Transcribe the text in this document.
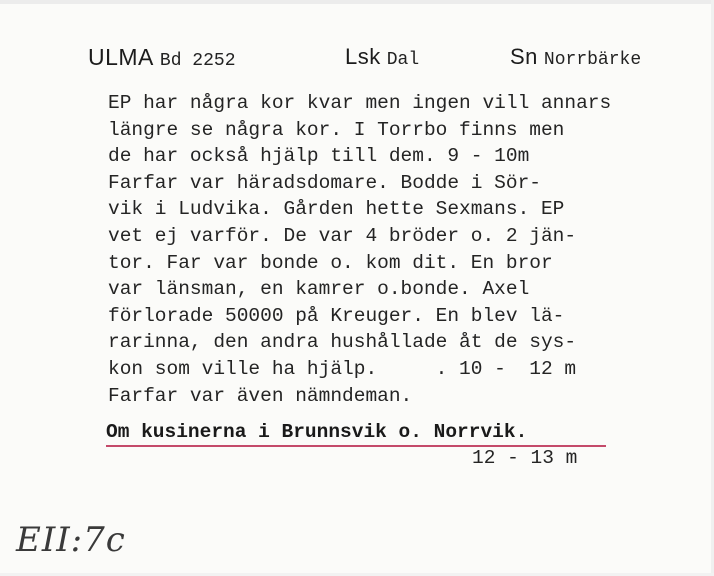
ULMA Bd 2252	Lsk Dal	Sn Norrbärke
EP har några kor kvar men ingen vill annars
längre se några kor. I Torrbo finns men
de har också hjälp till dem. 9 - 10m
Farfar var häradsdomare. Bodde i Sör-
vik i Ludvika. Gården hette Sexmans. EP
vet ej varför. De var 4 bröder o. 2 jän-
tor. Far var bonde o. kom dit. En bror
var länsman, en kamrer o.bonde. Axel
förlorade 50000 på Kreuger. En blev lä-
rarinna, den andra hushållade åt de sys-
kon som ville ha hjälp.     . 10 -  12 m
Farfar var även nämndeman.
Om kusinerna i Brunnsvik o. Norrvik.
12 - 13 m
EII:7c
